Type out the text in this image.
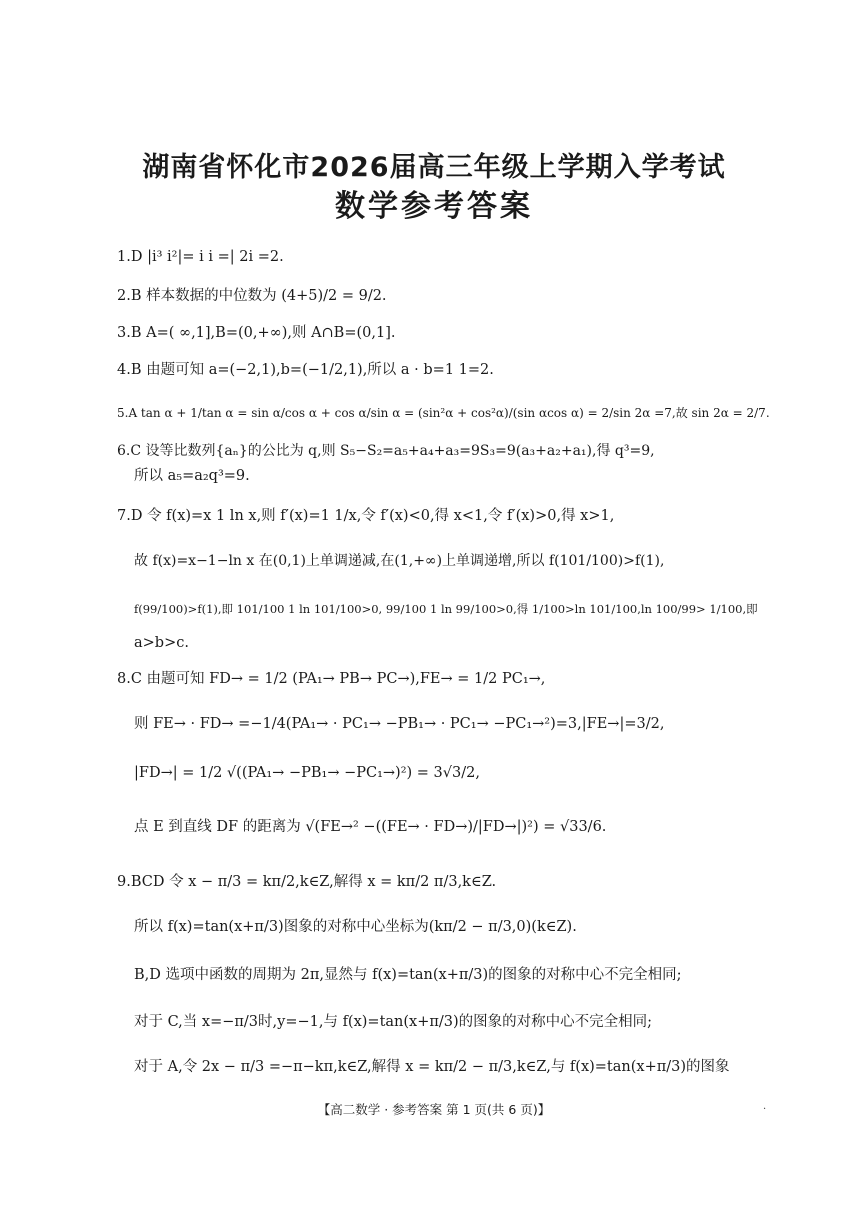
湖南省怀化市2026届高三年级上学期入学考试
数学参考答案
1.D |i³ i²|= i i =| 2i =2.
2.B 样本数据的中位数为 (4+5)/2 = 9/2.
3.B A=( ∞,1],B=(0,+∞),则 A∩B=(0,1].
4.B 由题可知 a=(−2,1),b=(−1/2,1),所以 a · b=1 1=2.
5.A tan α + 1/tan α = sin α/cos α + cos α/sin α = (sin²α + cos²α)/(sin αcos α) = 2/sin 2α =7,故 sin 2α = 2/7.
6.C 设等比数列{aₙ}的公比为 q,则 S₅−S₂=a₅+a₄+a₃=9S₃=9(a₃+a₂+a₁),得 q³=9,
所以 a₅=a₂q³=9.
7.D 令 f(x)=x 1 ln x,则 f′(x)=1 1/x,令 f′(x)<0,得 x<1,令 f′(x)>0,得 x>1,
故 f(x)=x−1−ln x 在(0,1)上单调递减,在(1,+∞)上单调递增,所以 f(101/100)>f(1),
f(99/100)>f(1),即 101/100 1 ln 101/100>0, 99/100 1 ln 99/100>0,得 1/100>ln 101/100,ln 100/99> 1/100,即
a>b>c.
8.C 由题可知 FD→ = 1/2 (PA₁→ PB→ PC→),FE→ = 1/2 PC₁→,
则 FE→ · FD→ =−1/4(PA₁→ · PC₁→ −PB₁→ · PC₁→ −PC₁→²)=3,|FE→|=3/2,
|FD→| = 1/2 √((PA₁→ −PB₁→ −PC₁→)²) = 3√3/2,
点 E 到直线 DF 的距离为 √(FE→² −((FE→ · FD→)/|FD→|)²) = √33/6.
9.BCD 令 x − π/3 = kπ/2,k∈Z,解得 x = kπ/2 π/3,k∈Z.
所以 f(x)=tan(x+π/3)图象的对称中心坐标为(kπ/2 − π/3,0)(k∈Z).
B,D 选项中函数的周期为 2π,显然与 f(x)=tan(x+π/3)的图象的对称中心不完全相同;
对于 C,当 x=−π/3时,y=−1,与 f(x)=tan(x+π/3)的图象的对称中心不完全相同;
对于 A,令 2x − π/3 =−π−kπ,k∈Z,解得 x = kπ/2 − π/3,k∈Z,与 f(x)=tan(x+π/3)的图象
【高二数学 · 参考答案 第 1 页(共 6 页)】	·
